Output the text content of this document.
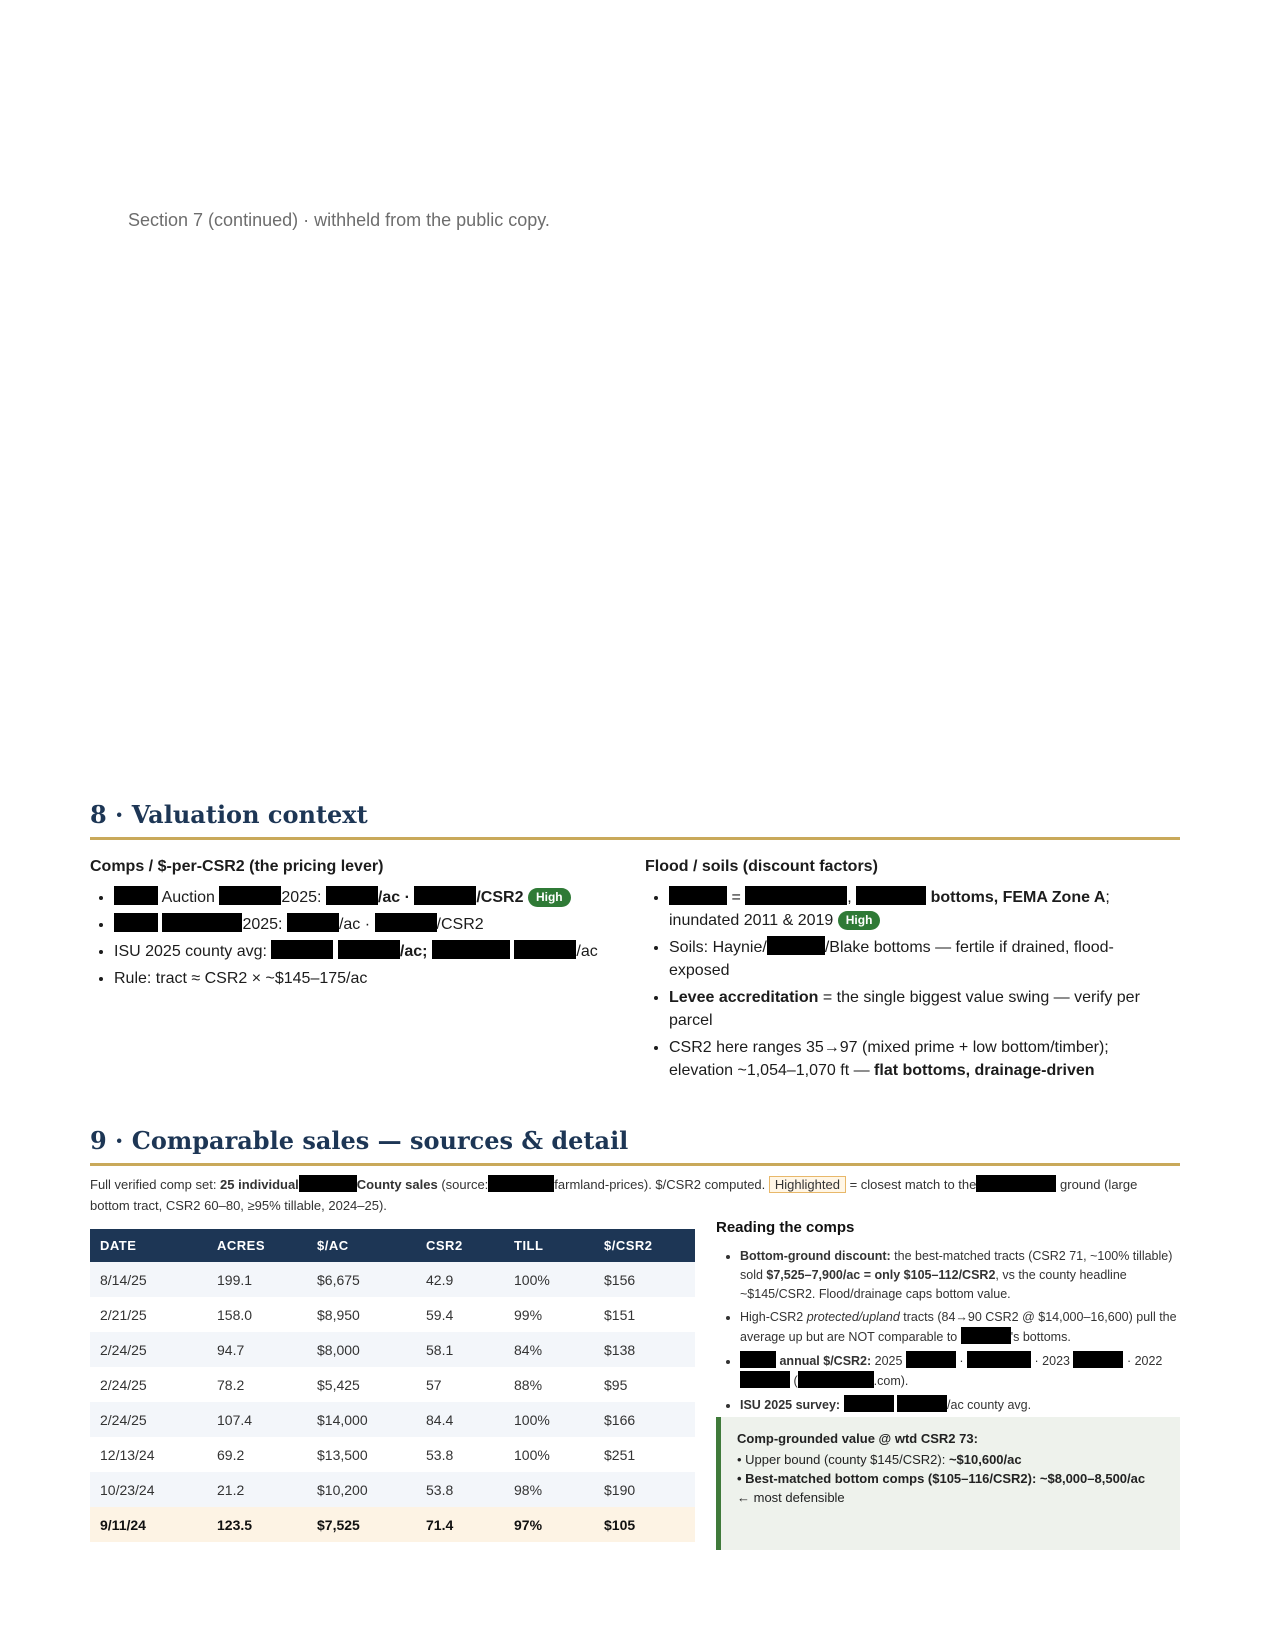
Section 7 (continued) · withheld from the public copy.
8 · Valuation context
Comps / $-per-CSR2 (the pricing lever)
• Auction	2025:	/ac ·	/CSR2 High
• 2025:	/ac ·	/CSR2
• ISU 2025 county avg:	/ac;	/ac
• Rule: tract ≈ CSR2 × ~$145–175/ac
Flood / soils (discount factors)
• =	,	bottoms, FEMA Zone A; inundated 2011 & 2019 High
• Soils: Haynie/	/Blake bottoms — fertile if drained, flood-exposed
• Levee accreditation = the single biggest value swing — verify per parcel
• CSR2 here ranges 35→97 (mixed prime + low bottom/timber); elevation ~1,054–1,070 ft — flat bottoms, drainage-driven
9 · Comparable sales — sources & detail
Full verified comp set: 25 individual	County sales (source:	farmland-prices). $/CSR2 computed. Highlighted = closest match to the	ground (large bottom tract, CSR2 60–80, ≥95% tillable, 2024–25).
DATE	ACRES	$/AC	CSR2	TILL	$/CSR2
8/14/25	199.1	$6,675	42.9	100%	$156
2/21/25	158.0	$8,950	59.4	99%	$151
2/24/25	94.7	$8,000	58.1	84%	$138
2/24/25	78.2	$5,425	57	88%	$95
2/24/25	107.4	$14,000	84.4	100%	$166
12/13/24	69.2	$13,500	53.8	100%	$251
10/23/24	21.2	$10,200	53.8	98%	$190
9/11/24	123.5	$7,525	71.4	97%	$105
Reading the comps
• Bottom-ground discount: the best-matched tracts (CSR2 71, ~100% tillable) sold $7,525–7,900/ac = only $105–112/CSR2, vs the county headline ~$145/CSR2. Flood/drainage caps bottom value.
• High-CSR2 protected/upland tracts (84→90 CSR2 @ $14,000–16,600) pull the average up but are NOT comparable to	's bottoms.
• annual $/CSR2: 2025	·	· 2023	· 2022  (	.com).
• ISU 2025 survey:	/ac county avg.
Comp-grounded value @ wtd CSR2 73:
• Upper bound (county $145/CSR2): ~$10,600/ac
• Best-matched bottom comps ($105–116/CSR2): ~$8,000–8,500/ac
← most defensible
